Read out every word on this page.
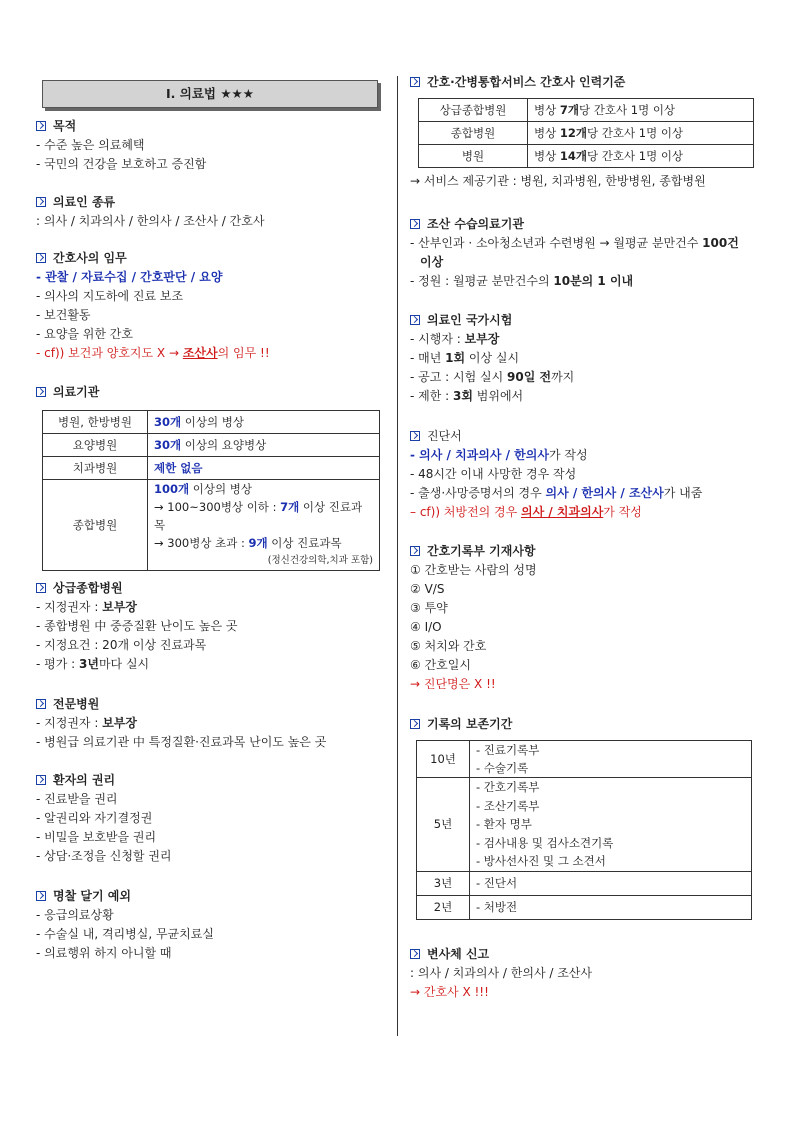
Ⅰ. 의료법 ★★★
목적
- 수준 높은 의료혜택
- 국민의 건강을 보호하고 증진함
의료인 종류
: 의사 / 치과의사 / 한의사 / 조산사 / 간호사
간호사의 임무
- 관찰 / 자료수집 / 간호판단 / 요양
- 의사의 지도하에 진료 보조
- 보건활동
- 요양을 위한 간호
- cf)) 보건과 양호지도 X → 조산사의 임무 !!
의료기관
병원, 한방병원	30개 이상의 병상
요양병원	30개 이상의 요양병상
치과병원	제한 없음
종합병원	100개 이상의 병상
→ 100~300병상 이하 : 7개 이상 진료과목
→ 300병상 초과 : 9개 이상 진료과목
(정신건강의학,치과 포함)
상급종합병원
- 지정권자 : 보부장
- 종합병원 中 중증질환 난이도 높은 곳
- 지정요건 : 20개 이상 진료과목
- 평가 : 3년마다 실시
전문병원
- 지정권자 : 보부장
- 병원급 의료기관 中 특정질환·진료과목 난이도 높은 곳
환자의 권리
- 진료받을 권리
- 알권리와 자기결정권
- 비밀을 보호받을 권리
- 상담·조정을 신청할 권리
명찰 달기 예외
- 응급의료상황
- 수술실 내, 격리병실, 무균치료실
- 의료행위 하지 아니할 때
간호·간병통합서비스 간호사 인력기준
상급종합병원	병상 7개당 간호사 1명 이상
종합병원	병상 12개당 간호사 1명 이상
병원	병상 14개당 간호사 1명 이상
→ 서비스 제공기관 : 병원, 치과병원, 한방병원, 종합병원
조산 수습의료기관
- 산부인과 · 소아청소년과 수련병원 → 월평균 분만건수 100건
이상
- 정원 : 월평균 분만건수의 10분의 1 이내
의료인 국가시험
- 시행자 : 보부장
- 매년 1회 이상 실시
- 공고 : 시험 실시 90일 전까지
- 제한 : 3회 범위에서
진단서
- 의사 / 치과의사 / 한의사가 작성
- 48시간 이내 사망한 경우 작성
- 출생·사망증명서의 경우 의사 / 한의사 / 조산사가 내줌
– cf)) 처방전의 경우 의사 / 치과의사가 작성
간호기록부 기재사항
① 간호받는 사람의 성명
② V/S
③ 투약
④ I/O
⑤ 처치와 간호
⑥ 간호일시
→ 진단명은 X !!
기록의 보존기간
10년	- 진료기록부
- 수술기록

5년	- 간호기록부
- 조산기록부
- 환자 명부
- 검사내용 및 검사소견기록
- 방사선사진 및 그 소견서

3년	- 진단서
2년	- 처방전
변사체 신고
: 의사 / 치과의사 / 한의사 / 조산사
→ 간호사 X !!!
